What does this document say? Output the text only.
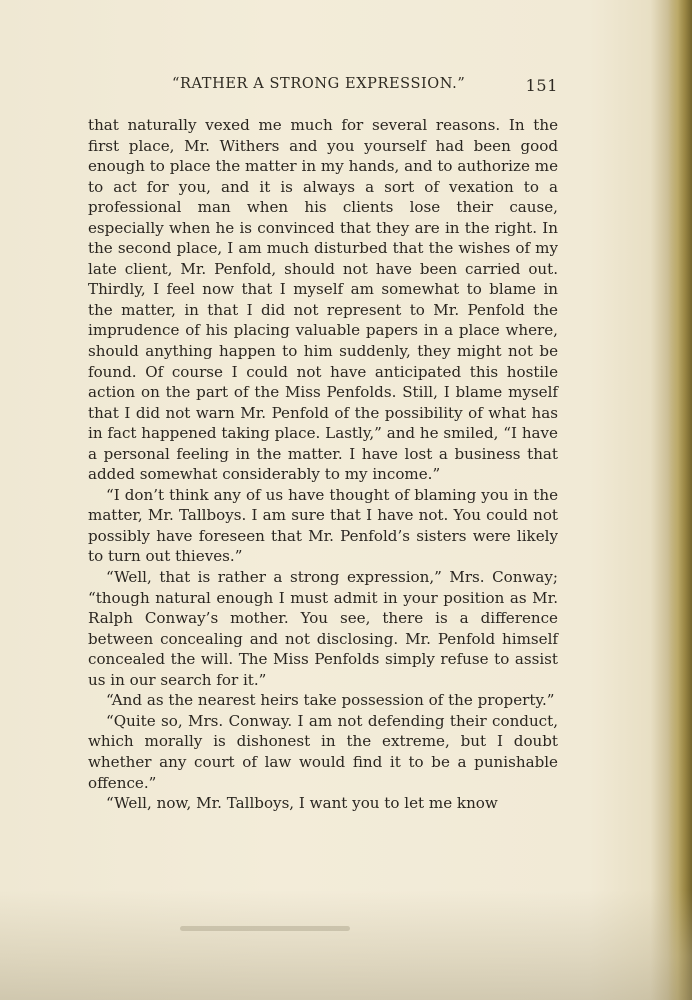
“RATHER A STRONG EXPRESSION.”	151

that naturally vexed me much for several reasons. In the first place, Mr. Withers and you yourself had been good enough to place the matter in my hands, and to authorize me to act for you, and it is always a sort of vexation to a professional man when his clients lose their cause, especially when he is convinced that they are in the right. In the second place, I am much disturbed that the wishes of my late client, Mr. Penfold, should not have been carried out. Thirdly, I feel now that I myself am somewhat to blame in the matter, in that I did not represent to Mr. Penfold the imprudence of his placing valuable papers in a place where, should anything happen to him suddenly, they might not be found. Of course I could not have anticipated this hostile action on the part of the Miss Penfolds. Still, I blame myself that I did not warn Mr. Penfold of the possibility of what has in fact happened taking place. Lastly,” and he smiled, “I have a personal feeling in the matter. I have lost a business that added somewhat considerably to my income.”

“I don’t think any of us have thought of blaming you in the matter, Mr. Tallboys. I am sure that I have not. You could not possibly have foreseen that Mr. Penfold’s sisters were likely to turn out thieves.”

“Well, that is rather a strong expression,” Mrs. Conway; “though natural enough I must admit in your position as Mr. Ralph Conway’s mother. You see, there is a difference between concealing and not disclosing. Mr. Penfold himself concealed the will. The Miss Penfolds simply refuse to assist us in our search for it.”

“And as the nearest heirs take possession of the property.”

“Quite so, Mrs. Conway. I am not defending their conduct, which morally is dishonest in the extreme, but I doubt whether any court of law would find it to be a punishable offence.”

“Well, now, Mr. Tallboys, I want you to let me know
